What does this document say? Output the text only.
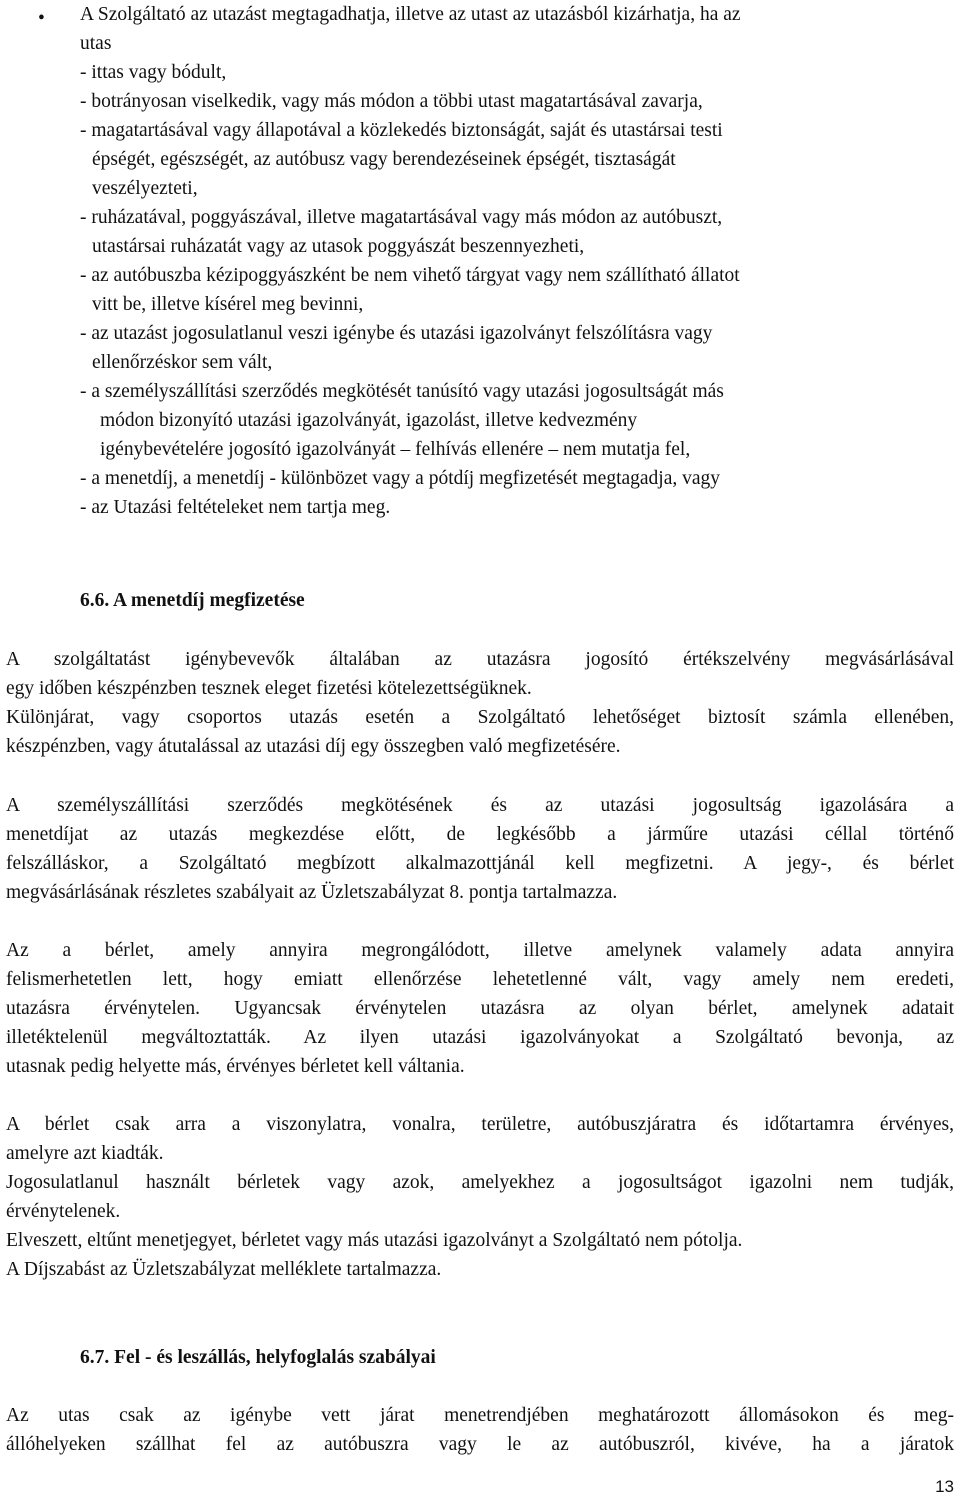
• A Szolgáltató az utazást megtagadhatja, illetve az utast az utazásból kizárhatja, ha az
utas
- ittas vagy bódult,
- botrányosan viselkedik, vagy más módon a többi utast magatartásával zavarja,
- magatartásával vagy állapotával a közlekedés biztonságát, saját és utastársai testi
épségét, egészségét, az autóbusz vagy berendezéseinek épségét, tisztaságát
veszélyezteti,
- ruházatával, poggyászával, illetve magatartásával vagy más módon az autóbuszt,
utastársai ruházatát vagy az utasok poggyászát beszennyezheti,
- az autóbuszba kézipoggyászként be nem vihető tárgyat vagy nem szállítható állatot
vitt be, illetve kísérel meg bevinni,
- az utazást jogosulatlanul veszi igénybe és utazási igazolványt felszólításra vagy
ellenőrzéskor sem vált,
- a személyszállítási szerződés megkötését tanúsító vagy utazási jogosultságát más
módon bizonyító utazási igazolványát, igazolást, illetve kedvezmény
igénybevételére jogosító igazolványát – felhívás ellenére – nem mutatja fel,
- a menetdíj, a menetdíj - különbözet vagy a pótdíj megfizetését megtagadja, vagy
- az Utazási feltételeket nem tartja meg.
6.6. A menetdíj megfizetése
A szolgáltatást igénybevevők általában az utazásra jogosító értékszelvény megvásárlásával
egy időben készpénzben tesznek eleget fizetési kötelezettségüknek.
Különjárat, vagy csoportos utazás esetén a Szolgáltató lehetőséget biztosít számla ellenében,
készpénzben, vagy átutalással az utazási díj egy összegben való megfizetésére.
A személyszállítási szerződés megkötésének és az utazási jogosultság igazolására a
menetdíjat az utazás megkezdése előtt, de legkésőbb a járműre utazási céllal történő
felszálláskor, a Szolgáltató megbízott alkalmazottjánál kell megfizetni. A jegy-, és bérlet
megvásárlásának részletes szabályait az Üzletszabályzat 8. pontja tartalmazza.
Az a bérlet, amely annyira megrongálódott, illetve amelynek valamely adata annyira
felismerhetetlen lett, hogy emiatt ellenőrzése lehetetlenné vált, vagy amely nem eredeti,
utazásra érvénytelen. Ugyancsak érvénytelen utazásra az olyan bérlet, amelynek adatait
illetéktelenül megváltoztatták. Az ilyen utazási igazolványokat a Szolgáltató bevonja, az
utasnak pedig helyette más, érvényes bérletet kell váltania.
A bérlet csak arra a viszonylatra, vonalra, területre, autóbuszjáratra és időtartamra érvényes,
amelyre azt kiadták.
Jogosulatlanul használt bérletek vagy azok, amelyekhez a jogosultságot igazolni nem tudják,
érvénytelenek.
Elveszett, eltűnt menetjegyet, bérletet vagy más utazási igazolványt a Szolgáltató nem pótolja.
A Díjszabást az Üzletszabályzat melléklete tartalmazza.
6.7. Fel - és leszállás, helyfoglalás szabályai
Az utas csak az igénybe vett járat menetrendjében meghatározott állomásokon és meg-
állóhelyeken szállhat fel az autóbuszra vagy le az autóbuszról, kivéve, ha a járatok
13
